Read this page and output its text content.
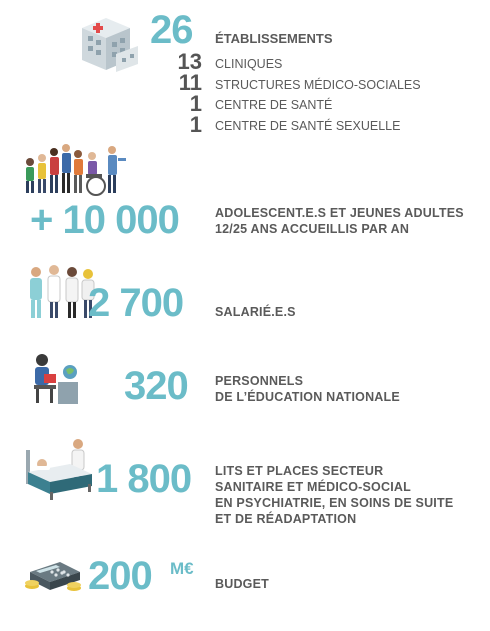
26 ÉTABLISSEMENTS
13 CLINIQUES
11 STRUCTURES MÉDICO-SOCIALES
1 CENTRE DE SANTÉ
1 CENTRE DE SANTÉ SEXUELLE
+ 10 000	ADOLESCENT.E.S ET JEUNES ADULTES
12/25 ANS ACCUEILLIS PAR AN
2 700	SALARIÉ.E.S
320 PERSONNELS
DE L’ÉDUCATION NATIONALE
1 800 LITS ET PLACES SECTEUR
SANITAIRE ET MÉDICO-SOCIAL
EN PSYCHIATRIE, EN SOINS DE SUITE
ET DE RÉADAPTATION
200 M€
BUDGET
